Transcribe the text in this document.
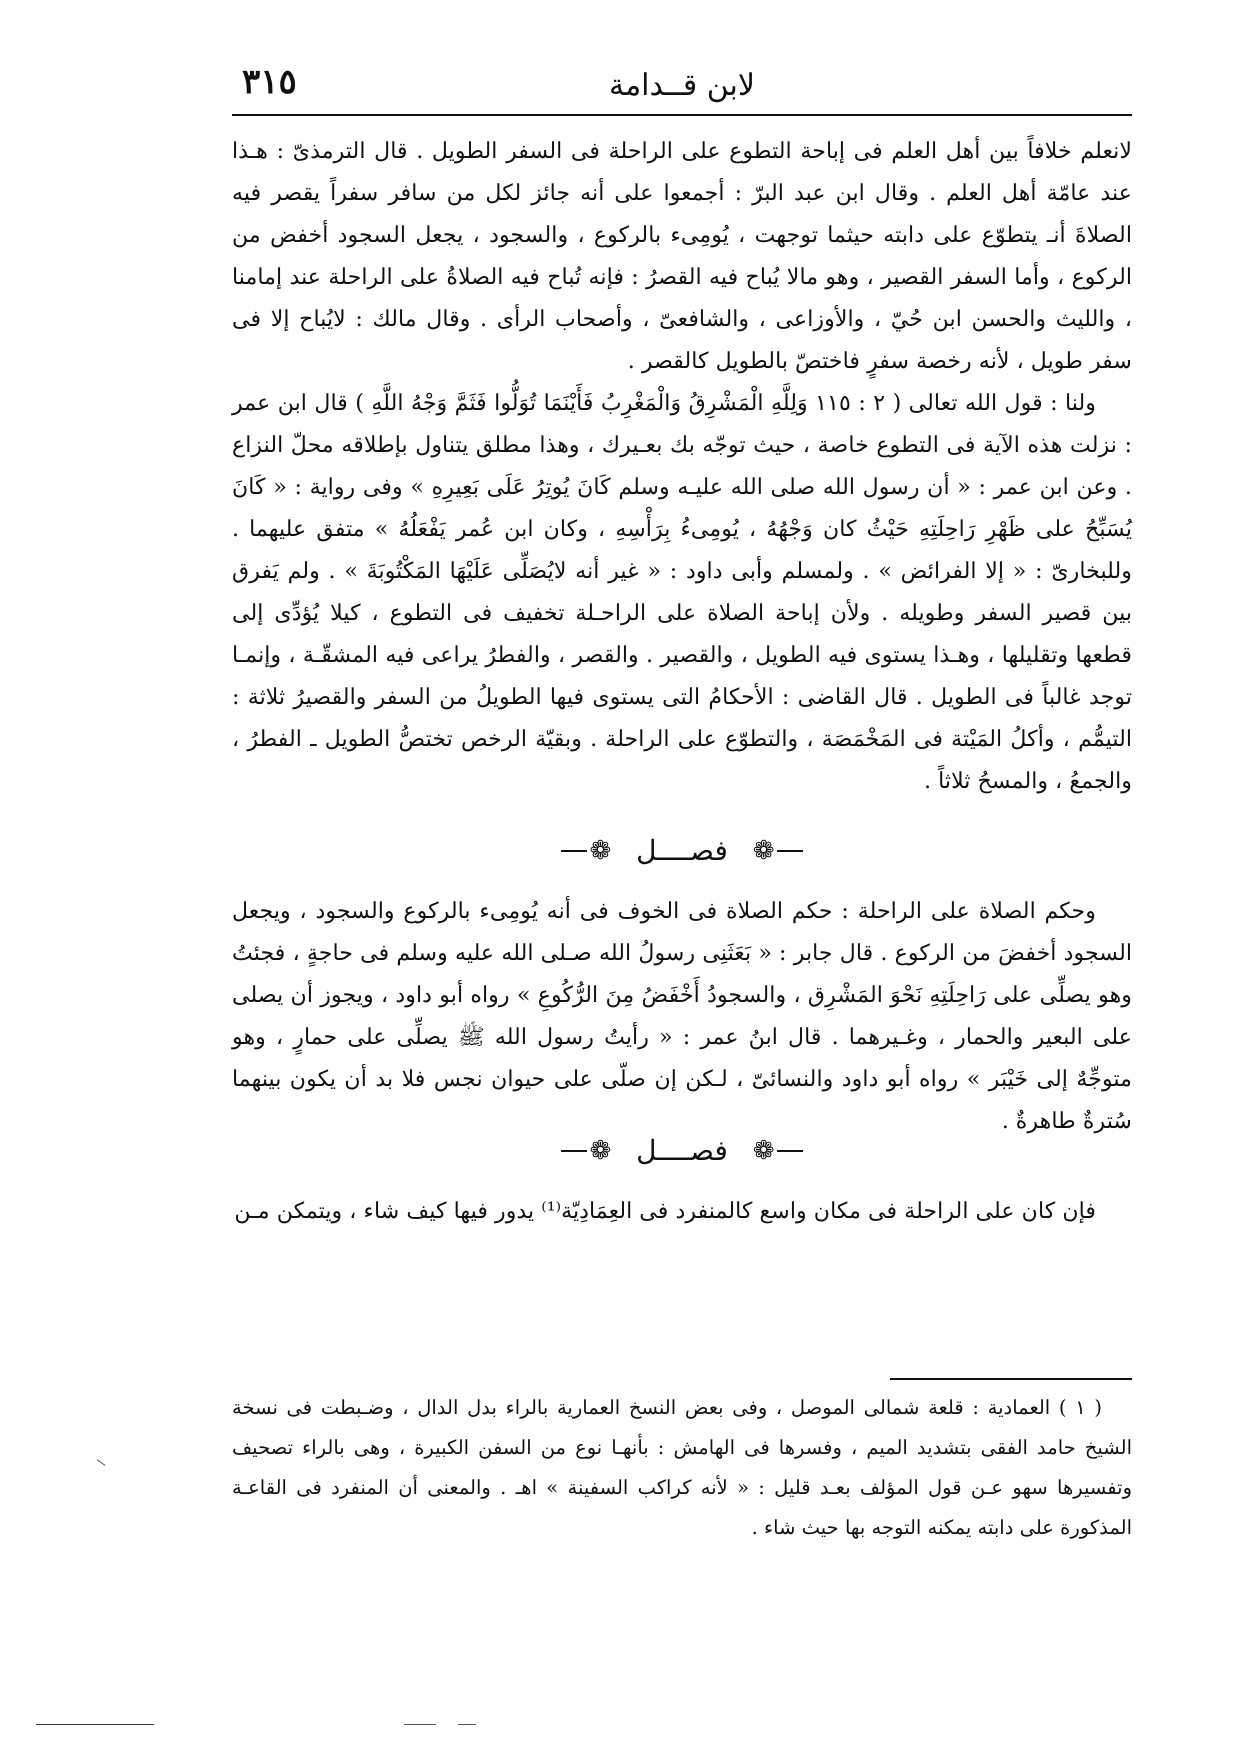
لابن قــدامة
٣١٥

لانعلم خلافاً بين أهل العلم فى إباحة التطوع على الراحلة فى السفر الطويل . قال الترمذىّ : هـذا عند عامّة أهل العلم . وقال ابن عبد البرّ : أجمعوا على أنه جائز لكل من سافر سفراً يقصر فيه الصلاةَ أنـ يتطوّع على دابته حيثما توجهت ، يُومِىء بالركوع ، والسجود ، يجعل السجود أخفض من الركوع ، وأما السفر القصير ، وهو مالا يُباح فيه القصرُ : فإنه تُباح فيه الصلاةُ على الراحلة عند إمامنا ، والليث والحسن ابن حُيّ ، والأوزاعى ، والشافعىّ ، وأصحاب الرأى . وقال مالك : لايُباح إلا فى سفر طويل ، لأنه رخصة سفرٍ فاختصّ بالطويل كالقصر .

ولنا : قول الله تعالى ( ٢ : ١١٥ وَلِلَّهِ الْمَشْرِقُ وَالْمَغْرِبُ فَأَيْنَمَا تُوَلُّوا فَثَمَّ وَجْهُ اللَّهِ ) قال ابن عمر : نزلت هذه الآية فى التطوع خاصة ، حيث توجّه بك بعـيرك ، وهذا مطلق يتناول بإطلاقه محلّ النزاع . وعن ابن عمر : « أن رسول الله صلى الله عليـه وسلم كَانَ يُوتِرُ عَلَى بَعِيرِهِ » وفى رواية : « كَانَ يُسَبِّحُ على ظَهْرِ رَاحِلَتِهِ حَيْثُ كان وَجْهُهُ ، يُومِىءُ بِرَأْسِهِ ، وكان ابن عُمر يَفْعَلُهُ » متفق عليهما . وللبخارىّ : « إلا الفرائض » . ولمسلم وأبى داود : « غير أنه لايُصَلِّى عَلَيْهَا المَكْتُوبَةَ » . ولم يَفرق بين قصير السفر وطويله . ولأن إباحة الصلاة على الراحـلة تخفيف فى التطوع ، كيلا يُؤدِّى إلى قطعها وتقليلها ، وهـذا يستوى فيه الطويل ، والقصير . والقصر ، والفطرُ يراعى فيه المشقّـة ، وإنمـا توجد غالباً فى الطويل . قال القاضى : الأحكامُ التى يستوى فيها الطويلُ من السفر والقصيرُ ثلاثة : التيمُّم ، وأكلُ المَيْتة فى المَخْمَصَة ، والتطوّع على الراحلة . وبقيّة الرخص تختصُّ الطويل ـ الفطرُ ، والجمعُ ، والمسحُ ثلاثاً .

❁ فصــــل ❁

وحكم الصلاة على الراحلة : حكم الصلاة فى الخوف فى أنه يُومِىء بالركوع والسجود ، ويجعل السجود أخفضَ من الركوع . قال جابر : « بَعَثَنِى رسولُ الله صـلى الله عليه وسلم فى حاجةٍ ، فجئتُ وهو يصلِّى على رَاحِلَتِهِ نَحْوَ المَشْرِق ، والسجودُ أَخْفَضُ مِنَ الرُّكُوعِ » رواه أبو داود ، ويجوز أن يصلى على البعير والحمار ، وغـيرهما . قال ابنُ عمر : « رأيتُ رسول الله ﷺ يصلِّى على حمارٍ ، وهو متوجِّهٌ إلى خَيْبَر » رواه أبو داود والنسائىّ ، لـكن إن صلّى على حيوان نجس فلا بد أن يكون بينهما سُترةٌ طاهرةٌ .

❁ فصــــل ❁

فإن كان على الراحلة فى مكان واسع كالمنفرد فى العِمَادِيّة⁽¹⁾ يدور فيها كيف شاء ، ويتمكن مـن

( ١ ) العمادية : قلعة شمالى الموصل ، وفى بعض النسخ العمارية بالراء بدل الدال ، وضـبطت فى نسخة الشيخ حامد الفقى بتشديد الميم ، وفسرها فى الهامش : بأنهـا نوع من السفن الكبيرة ، وهى بالراء تصحيف وتفسيرها سهو عـن قول المؤلف بعـد قليل : « لأنه كراكب السفينة » اهـ . والمعنى أن المنفرد فى القاعـة المذكورة على دابته يمكنه التوجه بها حيث شاء .
